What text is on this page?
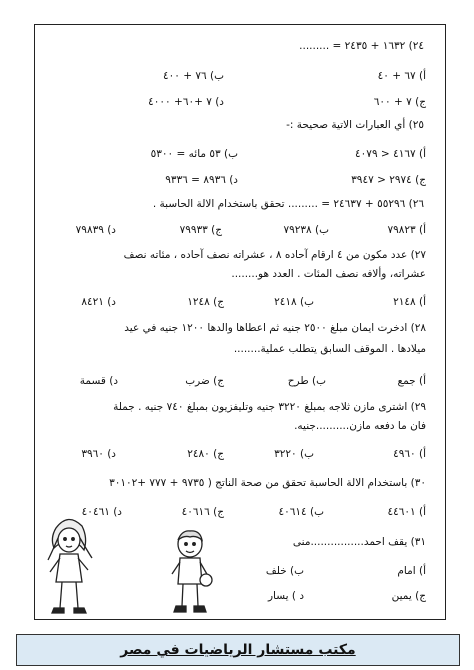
٢٤) ١٦٣٢ + ٢٤٣٥ = .........
أ) ٦٧ + ٤٠
ب) ٧٦ + ٤٠٠
ج) ٧ + ٦٠٠
د) ٧ +٦٠+ ٤٠٠٠
٢٥) أي العبارات الاتية صحيحة :-
أ) ٤١٦٧ < ٤٠٧٩
ب) ٥٣ مائه = ٥٣٠٠
ج) ٢٩٧٤ < ٣٩٤٧
د) ٨٩٣٦ = ٩٣٣٦
٢٦) ٥٥٢٩٦ + ٢٤٦٣٧ = ......... تحقق باستخدام الالة الحاسبة .
أ) ٧٩٨٢٣
ب) ٧٩٢٣٨
ج) ٧٩٩٣٣
د) ٧٩٨٣٩
٢٧) عدد مكون من ٤ ارقام آحاده ٨ ، عشراته نصف آحاده ، مئاته نصف
عشراته، وألافه نصف المئات . العدد هو........
أ) ٢١٤٨
ب) ٢٤١٨
ج) ١٢٤٨
د) ٨٤٢١
٢٨) ادخرت ايمان مبلغ ٢٥٠٠ جنيه ثم اعطاها والدها ١٢٠٠ جنيه في عيد
ميلادها . الموقف السابق يتطلب عملية........
أ) جمع
ب) طرح
ج) ضرب
د) قسمة
٢٩) اشترى مازن ثلاجه بمبلغ ٣٢٢٠ جنيه وتليفزيون بمبلغ ٧٤٠ جنيه . جملة
فان ما دفعه مازن..........جنيه.
أ) ٤٩٦٠
ب) ٣٢٢٠
ج) ٢٤٨٠
د) ٣٩٦٠
٣٠) باستخدام الالة الحاسبة تحقق من صحة الناتج ( ٩٧٣٥ + ٧٧٧ +٣٠١٠٢
أ) ٤٤٦٠١
ب) ٤٠٦١٤
ج) ٤٠٦١٦
د) ٤٠٤٦١
٣١) يقف احمد................منى
أ) امام
ب) خلف
ج) يمين
د ) يسار
مكتب مستشار الرياضيات في مصر
